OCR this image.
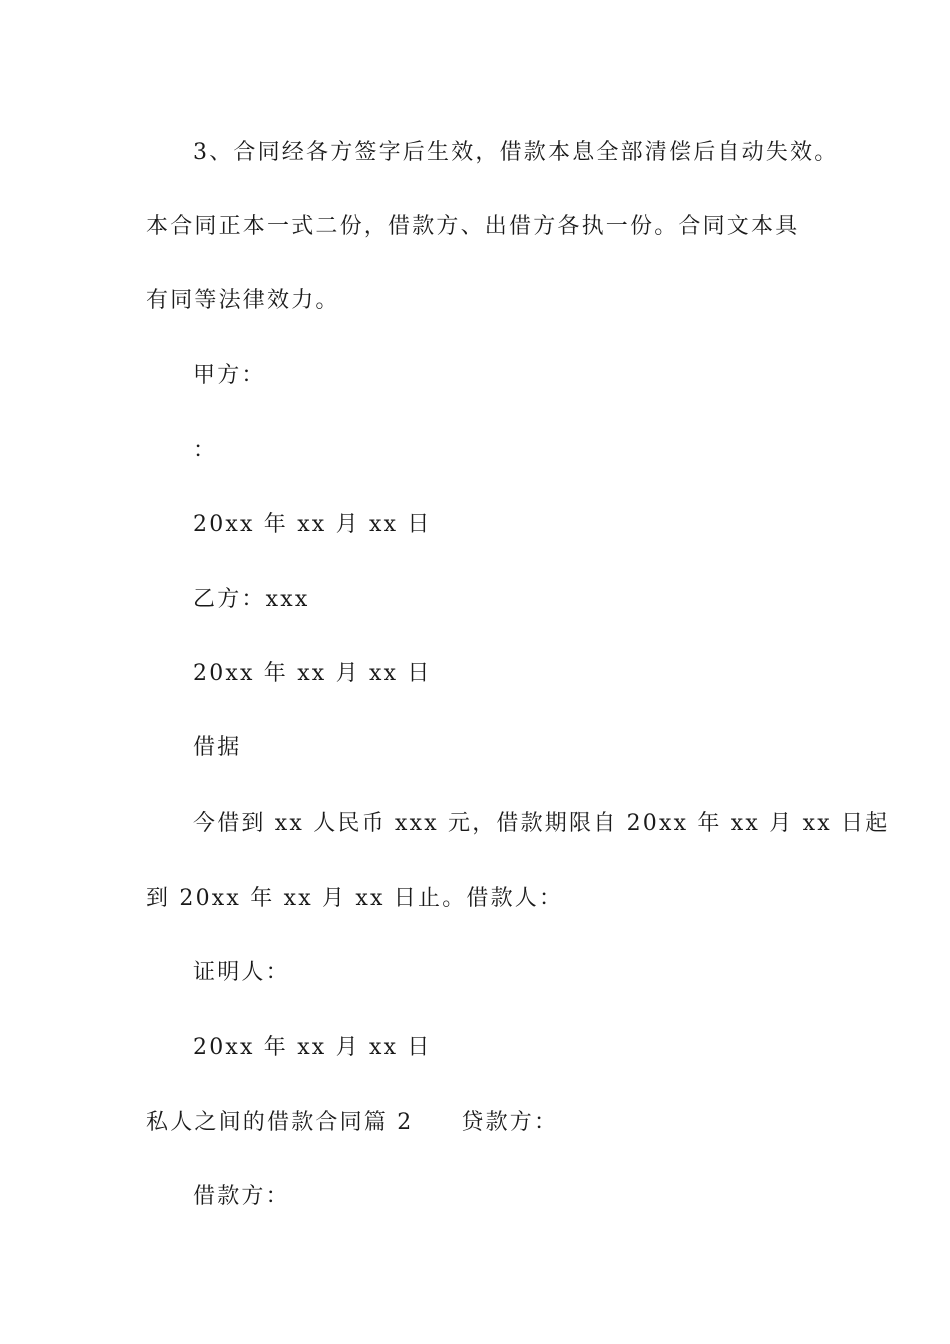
3、合同经各方签字后生效，借款本息全部清偿后自动失效。
本合同正本一式二份，借款方、出借方各执一份。合同文本具
有同等法律效力。
甲方：
：
20xx 年 xx 月 xx 日
乙方：xxx
20xx 年 xx 月 xx 日
借据
今借到 xx 人民币 xxx 元，借款期限自 20xx 年 xx 月 xx 日起
到 20xx 年 xx 月 xx 日止。借款人：
证明人：
20xx 年 xx 月 xx 日
私人之间的借款合同篇 2 贷款方：
借款方：
